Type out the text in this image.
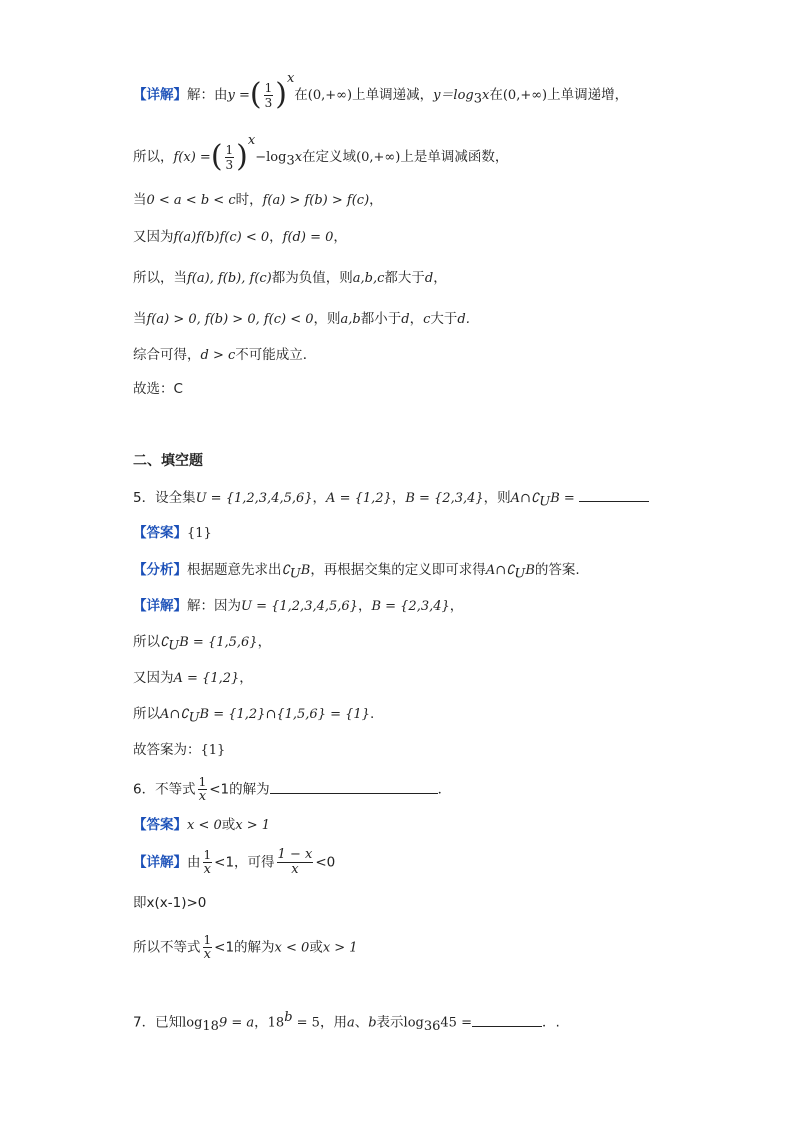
【详解】解：由y =( $\frac{1}{3} )^x$在(0,+∞)上单调递减，$y=\log_3x$在(0,+∞)上单调递增，
所以，f(x) =( $\frac{1}{3} )^x-\log_3x$在定义域(0,+∞)上是单调减函数，
当0 < a < b < c时，f(a) > f(b) > f(c)，
又因为f(a)f(b)f(c) < 0，f(d) = 0，
所以，当f(a), f(b), f(c)都为负值，则a,b,c都大于d，
当f(a) > 0, f(b) > 0, f(c) < 0，则a,b都小于d，c大于d.
综合可得，d > c不可能成立．
故选：C
二、填空题
5．设全集U = {1,2,3,4,5,6}，A = {1,2}，B = {2,3,4}，则$A\cap∁_UB$ =
【答案】{1}
【分析】根据题意先求出$∁_UB$，再根据交集的定义即可求得$A\cap∁_UB$的答案.
【详解】解：因为U = {1,2,3,4,5,6}，B = {2,3,4}，
所以$∁_UB = \{1,5,6\}$，
又因为A = {1,2}，
所以$A\cap∁_UB$ = {1,2}∩{1,5,6} = {1}.
故答案为：{1}
6．不等式 $\frac{1}{x} <1$的解为	．
【答案】x < 0或x > 1
【详解】由 $\frac{1}{x} <1$，可得 $\frac{1 - x}{x} <0$
即x(x-1)>0
所以不等式 $\frac{1}{x} <1$的解为x < 0或x > 1
7．已知$\log_{18}9 = a$，$18^b = 5$，用a、b表示$\log_{36}45$ =	．.
